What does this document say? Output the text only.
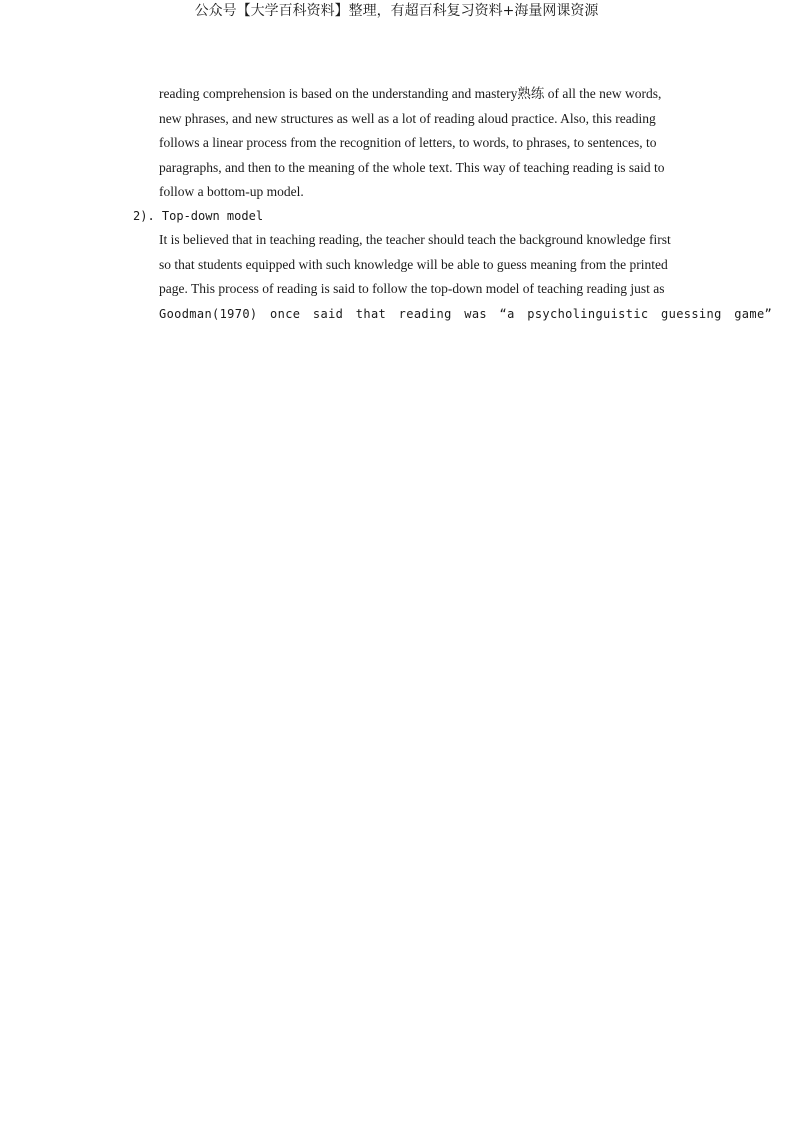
公众号【大学百科资料】整理，有超百科复习资料+海量网课资源
reading comprehension is based on the understanding and mastery熟练 of all the new words,
new phrases, and new structures as well as a lot of reading aloud practice. Also, this reading
follows a linear process from the recognition of letters, to words, to phrases, to sentences, to
paragraphs, and then to the meaning of the whole text. This way of teaching reading is said to
follow a bottom-up model.
2). Top-down model
It is believed that in teaching reading, the teacher should teach the background knowledge first
so that students equipped with such knowledge will be able to guess meaning from the printed
page. This process of reading is said to follow the top-down model of teaching reading just as
Goodman(1970) once said that reading was “a psycholinguistic guessing game”
